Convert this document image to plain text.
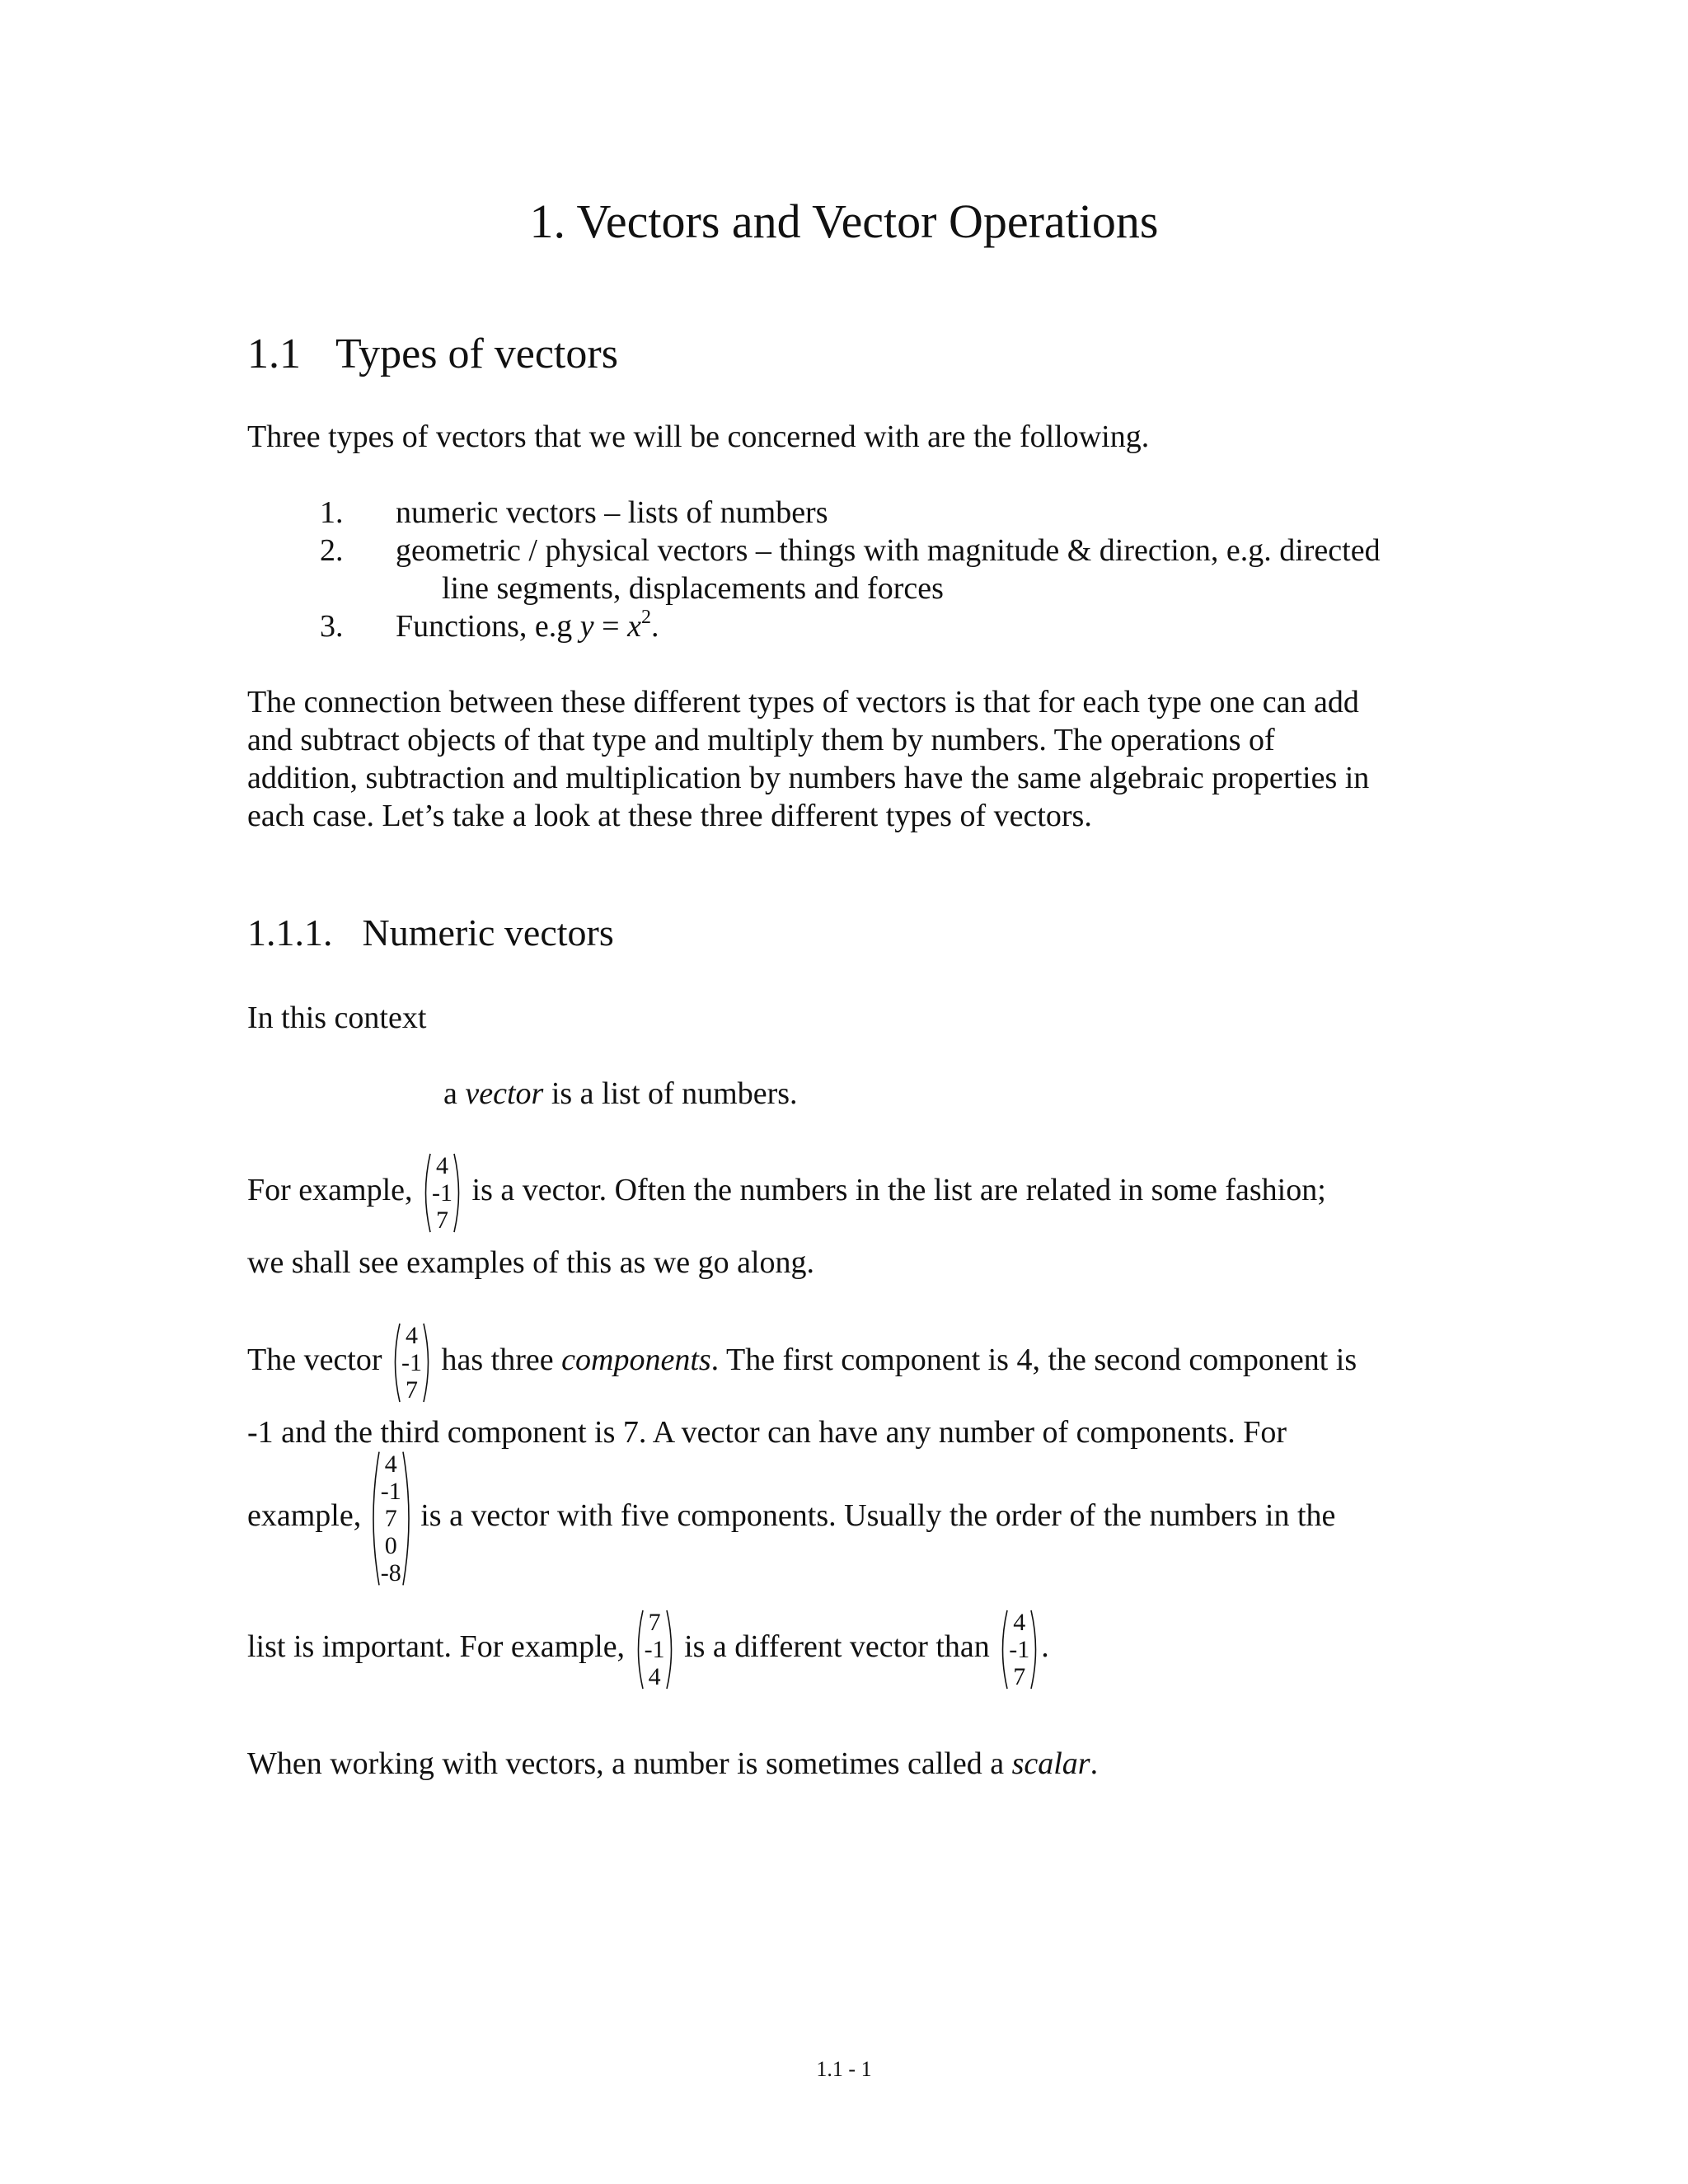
1. Vectors and Vector Operations
1.1 Types of vectors
Three types of vectors that we will be concerned with are the following.
1. numeric vectors – lists of numbers
2. geometric / physical vectors – things with magnitude & direction, e.g. directed
line segments, displacements and forces
3. Functions, e.g $y = x^2$.
The connection between these different types of vectors is that for each type one can add
and subtract objects of that type and multiply them by numbers. The operations of
addition, subtraction and multiplication by numbers have the same algebraic properties in
each case. Let’s take a look at these three different types of vectors.
1.1.1. Numeric vectors
In this context
a vector is a list of numbers.
For example,
4
-1
7
is a vector. Often the numbers in the list are related in some fashion;
we shall see examples of this as we go along.
The vector
4
-1
7
has three components. The first component is 4, the second component is
-1 and the third component is 7. A vector can have any number of components. For
example,
4
-1
7
0
-8
is a vector with five components. Usually the order of the numbers in the
list is important. For example,
7
-1
4
is a different vector than
4
-1
7
.
When working with vectors, a number is sometimes called a scalar.
1.1 - 1
